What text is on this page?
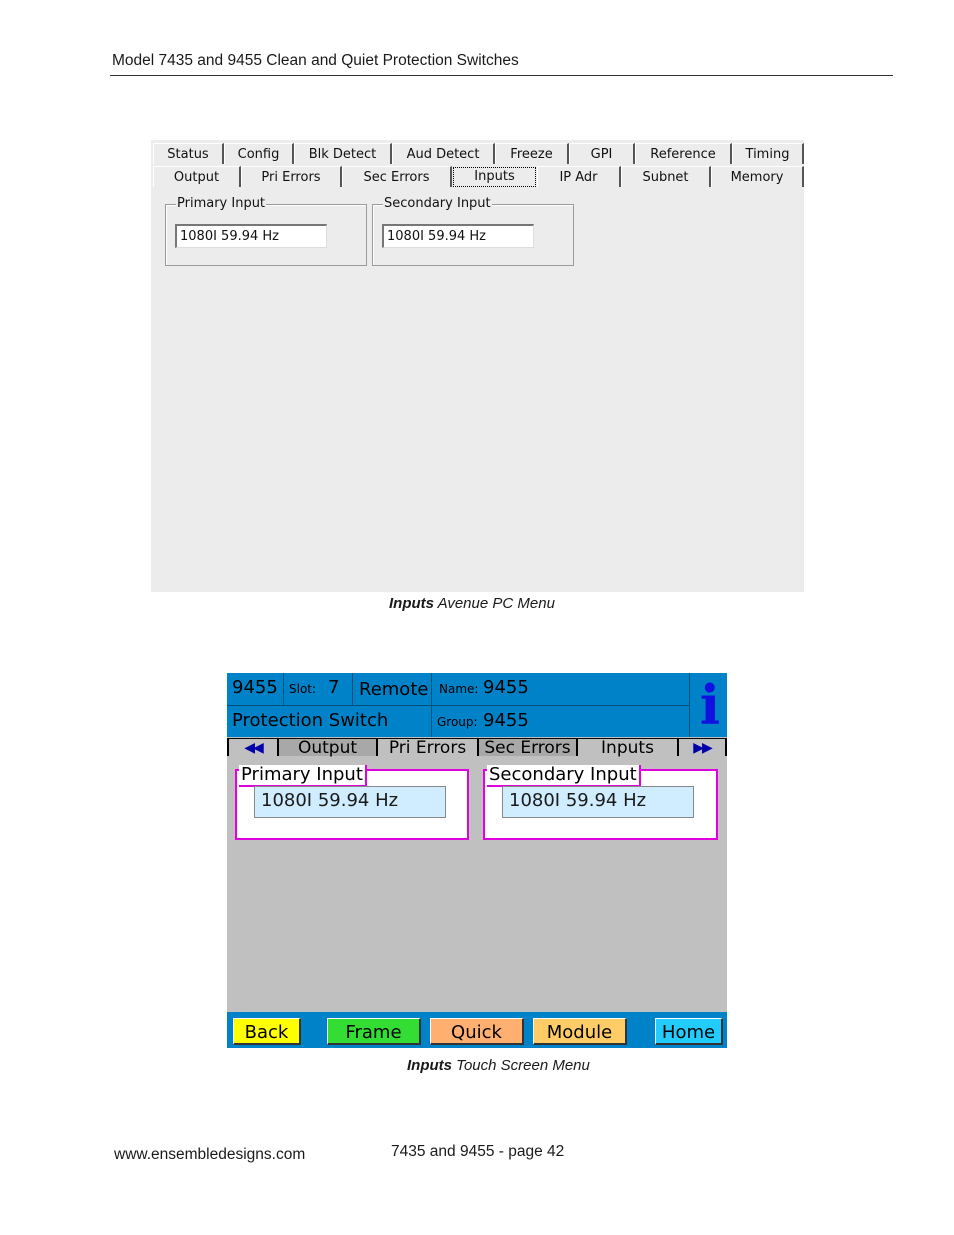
Model 7435 and 9455 Clean and Quiet Protection Switches
Status	Config	Blk Detect	Aud Detect	Freeze	GPI	Reference	Timing
Output	Pri Errors	Sec Errors	Inputs	IP Adr	Subnet	Memory
Primary Input
1080I 59.94 Hz
Secondary Input
1080I 59.94 Hz
Inputs Avenue PC Menu
9455 Slot: 7 Remote Name: 9455
Protection Switch	Group: 9455	i
◀◀	Output	Pri Errors	Sec Errors	Inputs	▶▶
Primary Input
1080I 59.94 Hz
Secondary Input
1080I 59.94 Hz
Back	Frame	Quick	Module	Home
Inputs Touch Screen Menu
www.ensembledesigns.com	7435 and 9455 - page 42
